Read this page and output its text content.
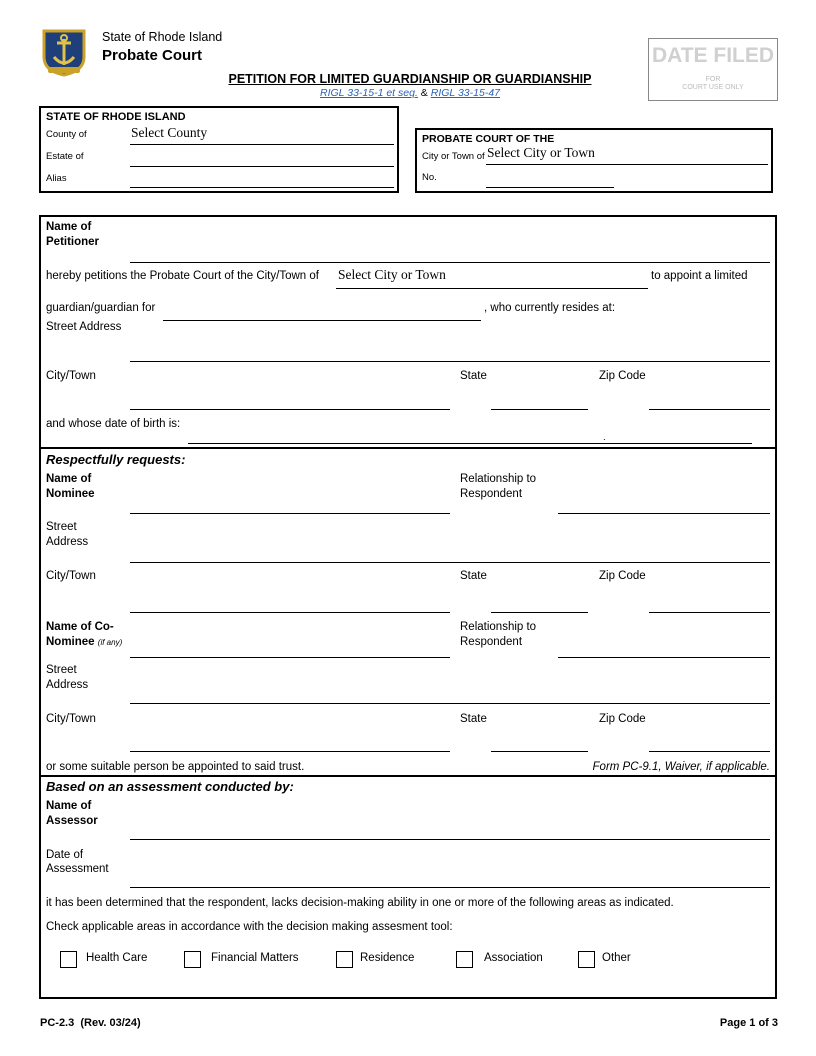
State of Rhode Island
Probate Court
PETITION FOR LIMITED GUARDIANSHIP OR GUARDIANSHIP
RIGL 33-15-1 et seq. & RIGL 33-15-47
DATE FILED
FOR
COURT USE ONLY
STATE OF RHODE ISLAND
County of	Select County
Estate of
Alias
PROBATE COURT OF THE
City or Town of Select City or Town
No.
Name of
Petitioner
hereby petitions the Probate Court of the City/Town of Select City or Town	to appoint a limited
guardian/guardian for	, who currently resides at:
Street Address
City/Town	State	Zip Code
and whose date of birth is:
.
Respectfully requests:
Name of
Nominee
Relationship to
Respondent
Street
Address
City/Town	State	Zip Code
Name of Co-
Nominee (if any)
Relationship to
Respondent
Street
Address
City/Town	State	Zip Code
or some suitable person be appointed to said trust.	Form PC-9.1, Waiver, if applicable.
Based on an assessment conducted by:
Name of
Assessor
Date of
Assessment
it has been determined that the respondent, lacks decision-making ability in one or more of the following areas as indicated.
Check applicable areas in accordance with the decision making assesment tool:
Health Care	Financial Matters	Residence	Association	Other
PC-2.3  (Rev. 03/24)	Page 1 of 3
